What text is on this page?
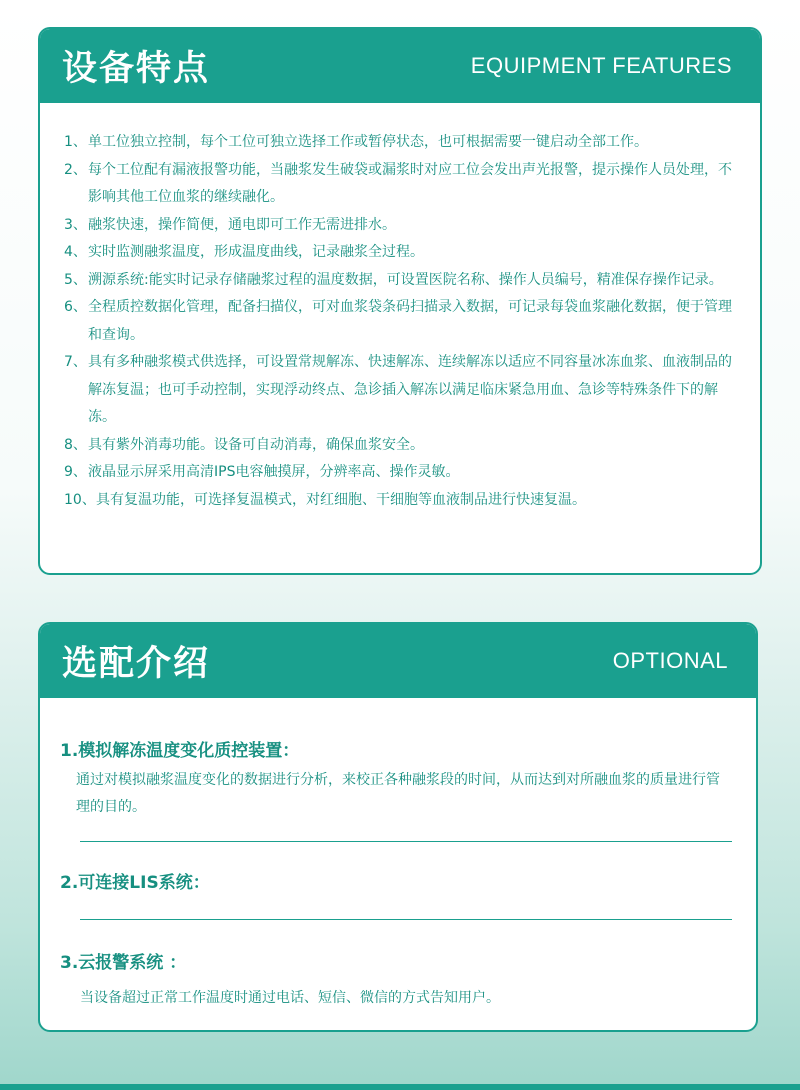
设备特点	EQUIPMENT FEATURES
1、 单工位独立控制，每个工位可独立选择工作或暂停状态，也可根据需要一键启动全部工作。
2、 每个工位配有漏液报警功能，当融浆发生破袋或漏浆时对应工位会发出声光报警，提示操作人员处理，不影响其他工位血浆的继续融化。
3、 融浆快速，操作简便，通电即可工作无需进排水。
4、 实时监测融浆温度，形成温度曲线，记录融浆全过程。
5、 溯源系统:能实时记录存储融浆过程的温度数据，可设置医院名称、操作人员编号，精准保存操作记录。
6、 全程质控数据化管理，配备扫描仪，可对血浆袋条码扫描录入数据，可记录每袋血浆融化数据，便于管理和查询。
7、 具有多种融浆模式供选择，可设置常规解冻、快速解冻、连续解冻以适应不同容量冰冻血浆、血液制品的 解冻复温；也可手动控制，实现浮动终点、急诊插入解冻以满足临床紧急用血、急诊等特殊条件下的解冻。
8、 具有紫外消毒功能。设备可自动消毒，确保血浆安全。
9、 液晶显示屏采用高清IPS电容触摸屏，分辨率高、操作灵敏。
10、 具有复温功能，可选择复温模式，对红细胞、干细胞等血液制品进行快速复温。
选配介绍	OPTIONAL
1.模拟解冻温度变化质控装置：
通过对模拟融浆温度变化的数据进行分析，来校正各种融浆段的时间，从而达到对所融血浆的质量进行管理的目的。
2.可连接LIS系统：
3.云报警系统 ：
当设备超过正常工作温度时通过电话、短信、微信的方式告知用户。
